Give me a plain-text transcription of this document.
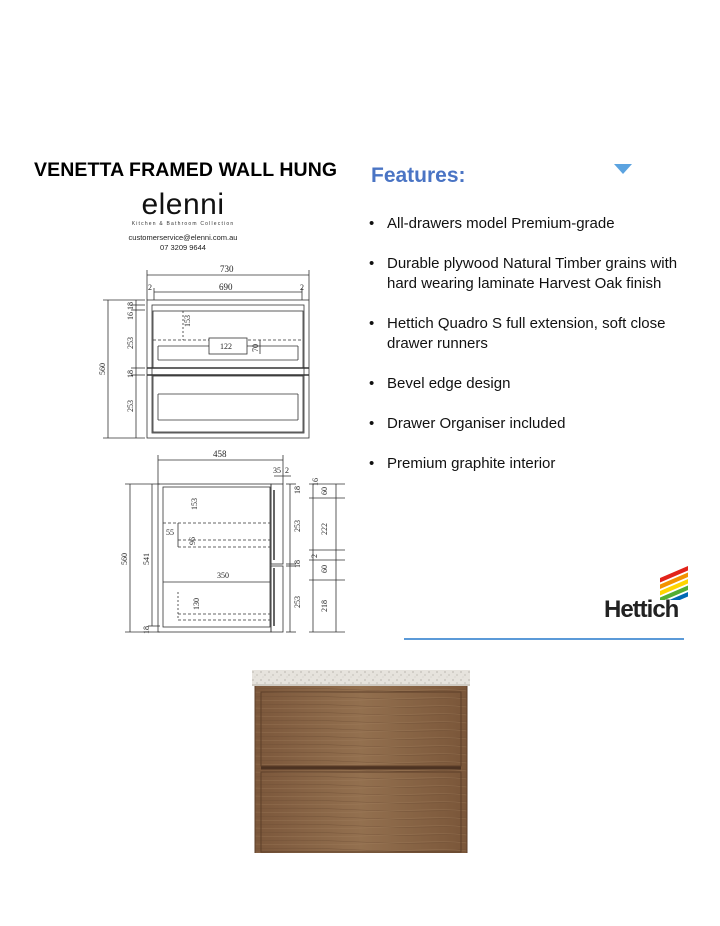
VENETTA FRAMED WALL HUNG
elenni
Kitchen & Bathroom Collection
customerservice@elenni.com.au
07 3209 9644
730
690
2	2
560
18
16
253
18
253
153
122 70
458
35 2
560 541
18
153
55
96
350
130
253
18
253
16
18 60
222
2
60
218
Features:
• All-drawers model Premium-grade
• Durable plywood Natural Timber grains with hard wearing laminate Harvest Oak finish
• Hettich Quadro S full extension, soft close drawer runners
• Bevel edge design
• Drawer Organiser included
• Premium graphite interior
Hettich
